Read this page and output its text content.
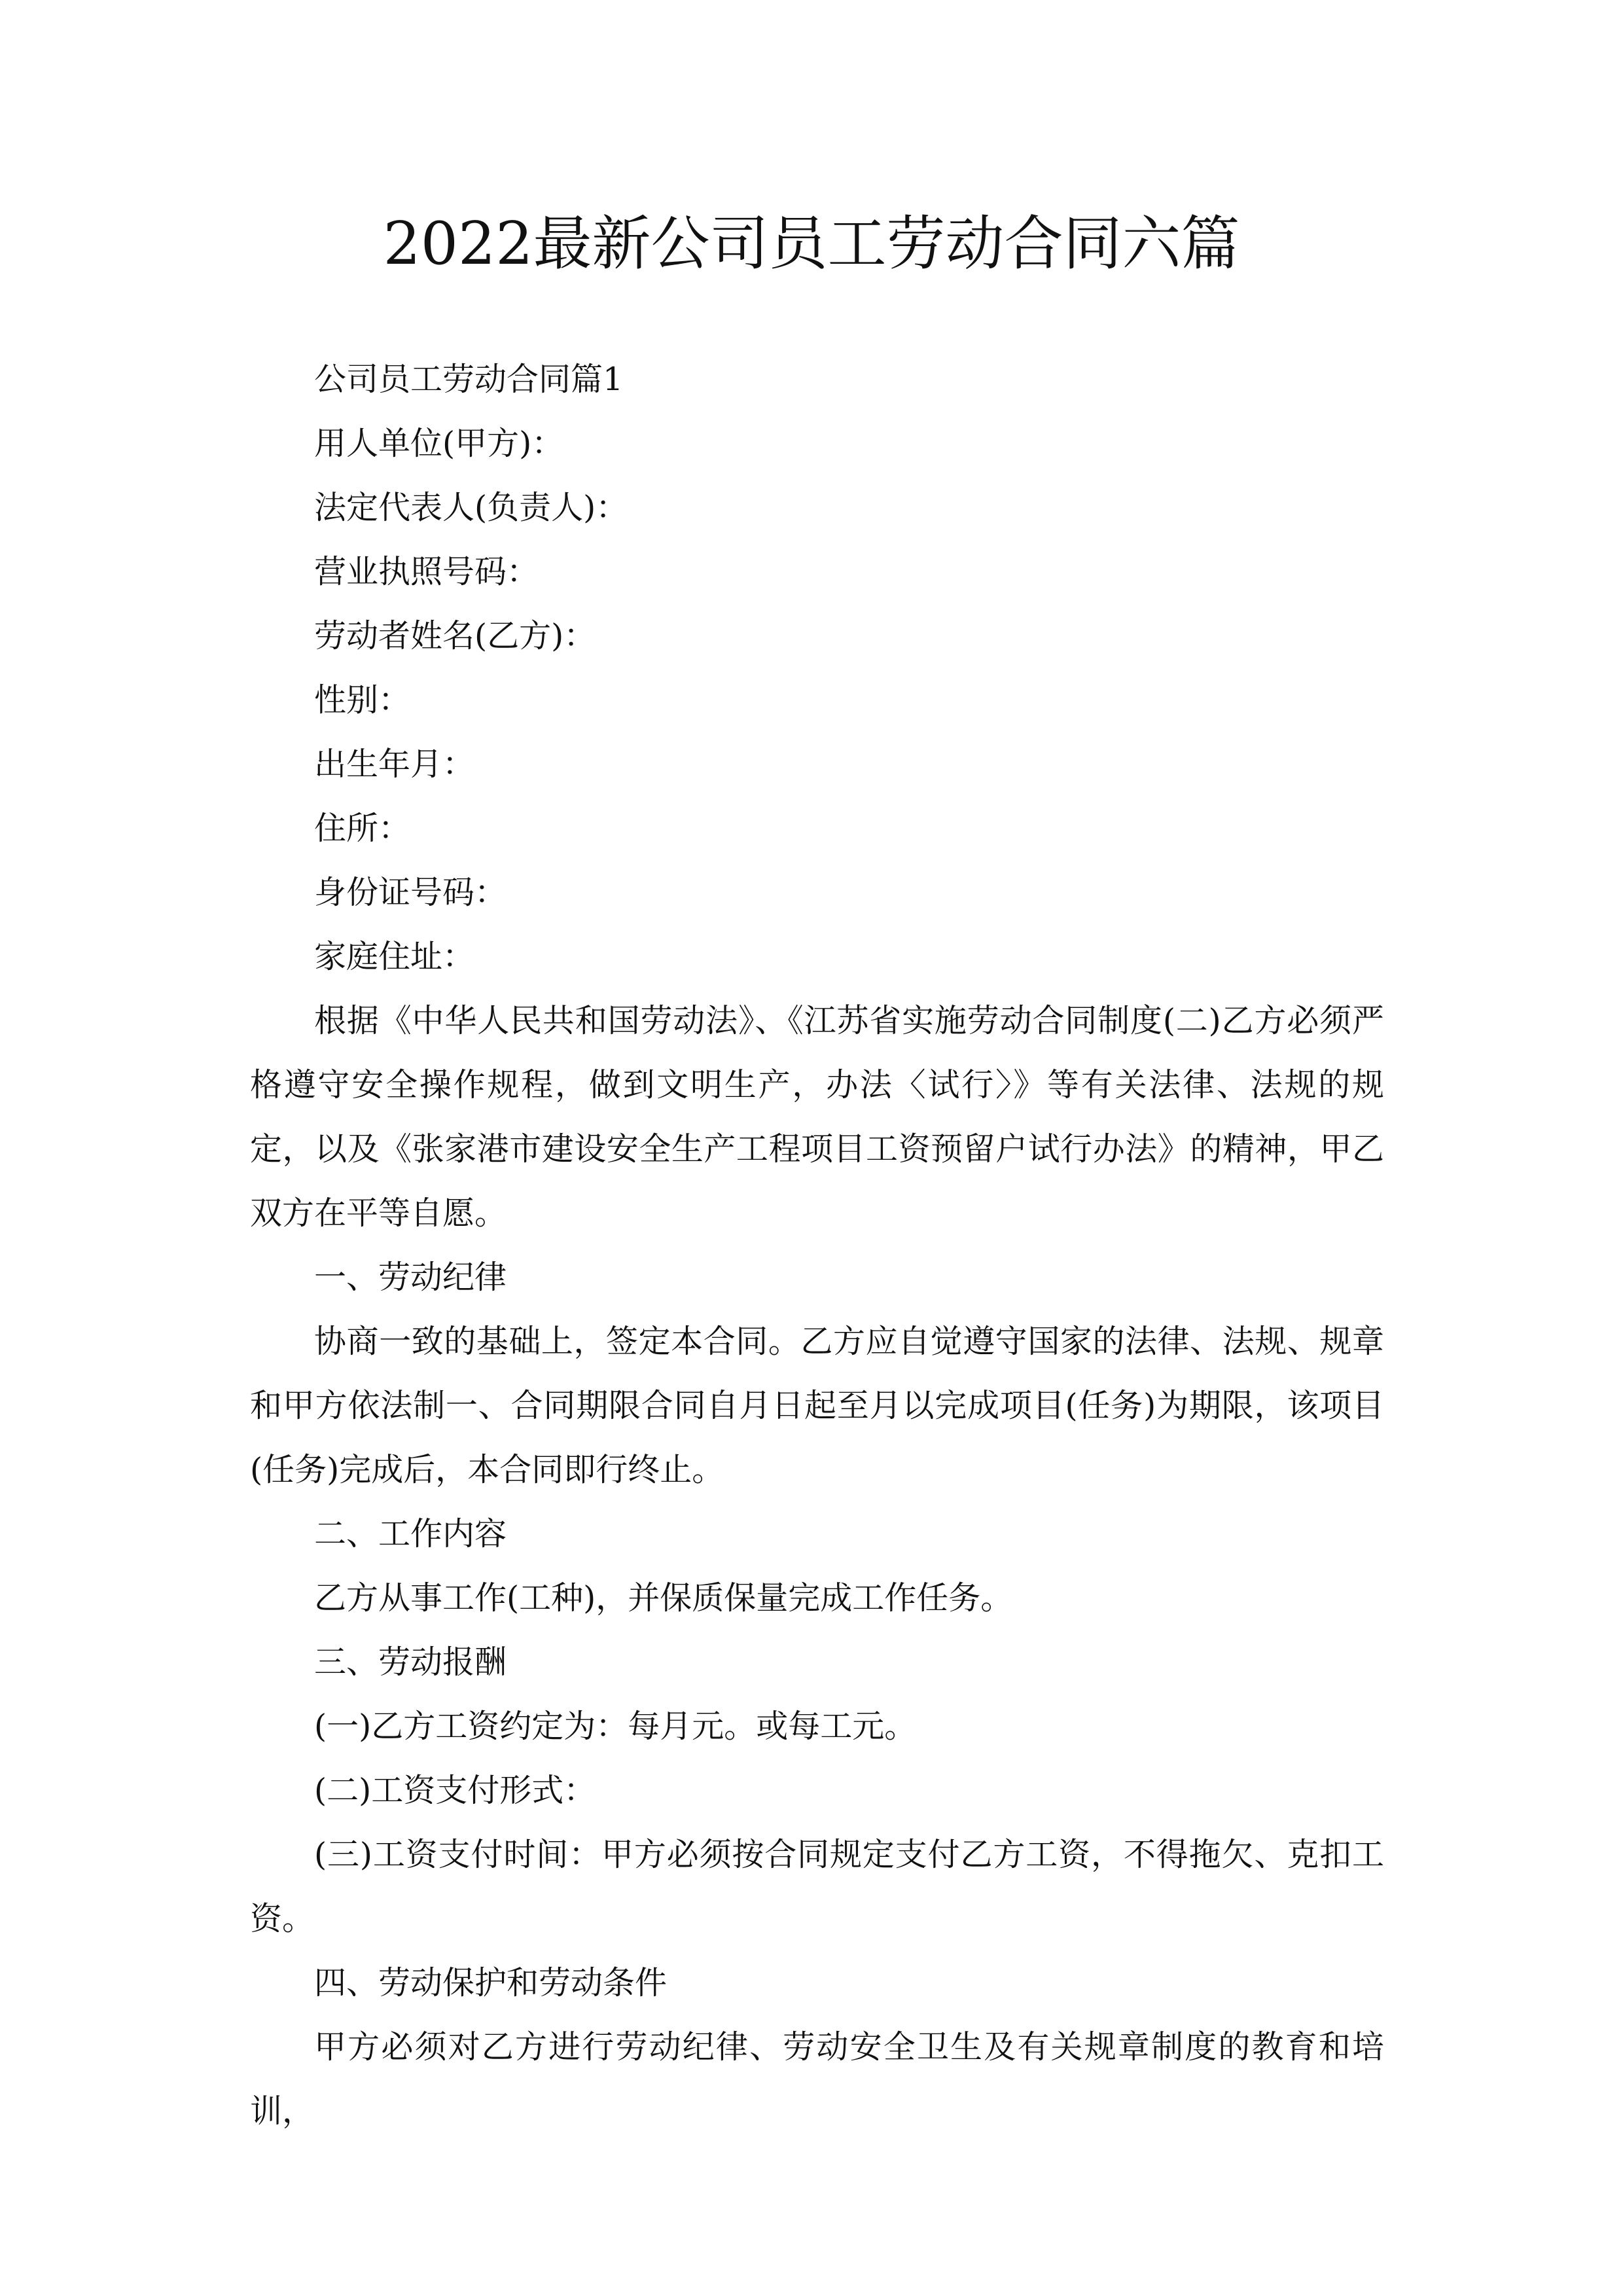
2022最新公司员工劳动合同六篇

公司员工劳动合同篇1

用人单位(甲方)：

法定代表人(负责人)：

营业执照号码：

劳动者姓名(乙方)：

性别：

出生年月：

住所：

身份证号码：

家庭住址：

根据《中华人民共和国劳动法》、《江苏省实施劳动合同制度(二)乙方必须严格遵守安全操作规程，做到文明生产，办法〈试行〉》等有关法律、法规的规定，以及《张家港市建设安全生产工程项目工资预留户试行办法》的精神，甲乙双方在平等自愿。

一、劳动纪律

协商一致的基础上，签定本合同。乙方应自觉遵守国家的法律、法规、规章和甲方依法制一、合同期限合同自月日起至月以完成项目(任务)为期限，该项目(任务)完成后，本合同即行终止。

二、工作内容

乙方从事工作(工种)，并保质保量完成工作任务。

三、劳动报酬

(一)乙方工资约定为：每月元。或每工元。

(二)工资支付形式：

(三)工资支付时间：甲方必须按合同规定支付乙方工资，不得拖欠、克扣工资。

四、劳动保护和劳动条件

甲方必须对乙方进行劳动纪律、劳动安全卫生及有关规章制度的教育和培训，
